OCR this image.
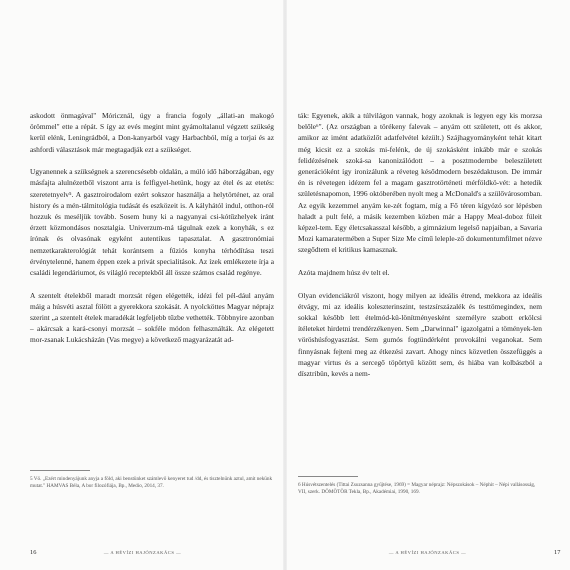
askodott önmagával" Móricznál, úgy a francia fogoly „állati-an makogó örömmel" ette a répát. S így az evés megint mint gyámoltalanul végzett szükség kerül elénk, Leningrádból, a Don-kanyarból vagy Harbachból, míg a torjai és az ashfordi választások már megtagadják ezt a szükséget.

Ugyanennek a szükségnek a szerencsésebb oldalán, a múló idő háborzágában, egy másfajta alulnézetből viszont arra is felfigyel-hetünk, hogy az étel és az etetés: szeretetnyelv⁵. A gasztroirodalom ezért sokszor használja a helytörténet, az oral history és a mén-tálmitológia tudását és eszközeit is. A kályhától indul, otthon-ról hozzuk és meséljük tovább. Sosem huny ki a nagyanyai csi-kótűzhelyek iránt érzett közmondásos nosztalgia. Univerzum-má tágulnak ezek a konyhák, s ez írónak és olvasónak egyként autentikus tapasztalat. A gasztronómiai nemzetkarakterológiát tehát korántsem a fűziós konyha térhódítása teszi érvénytelenné, hanem éppen ezek a privát specialitások. Az ízek emlékezete írja a családi legendáriumot, és világló receptekből áll össze számos család regénye.

A szentelt ételekből maradt morzsát régen elégették, idézi fel pél-dául anyám máig a húsvéti asztal fölött a gyerekkora szokását. A nyolcköttes Magyar néprajz szerint „a szentelt ételek maradékát legfeljebb tűzbe vethették. Többnyire azonban – akárcsak a kará-csonyi morzsát – sokféle módon felhasználták. Az elégetett mor-zsanak Lukácsházán (Vas megye) a következő magyarázatát ad-

5 Vö. „Ezért mindenyájunk anyja a föld, aki benstünket számlevő kenyeret tud /dd, és tisztelnünk aztul, amit nekünk mutat." HAMVAS Béla, A bor filozófiája, Bp., Medio, 2014, 37.
16	— A HÉVÍZI HAJÓNZAKÁCS —

ták: Egyenek, akik a túlvilágon vannak, hogy azoknak is legyen egy kis morzsa belőle⁶". (Az országban a törékeny falevak – anyám ott született, ott és akkor, amikor az imént adatközlőt adatfelvétel kézült.) Szájhagyományként tehát kitart még kicsit ez a szokás mi-felénk, de új szokásként inkább már e szokás felidézésének szoká-sa kanonizálódott – a posztmodernbe beleszületett generációként így ironizálunk a réveteg késődmodern beszédaktuson. De immár én is révetegen idézem fel a magam gasztrotörténeti mérföldkö-vét: a hetedik születésnapomon, 1996 októberében nyolt meg a McDonald's a szülővárosomban. Az egyik kezemmel anyám ke-zét fogtam, míg a Fő téren kígyózó sor lépésben haladt a pult felé, a másik kezemben közben már a Happy Meal-doboz füleit képzel-tem. Egy életcsakasszal később, a gimnázium legelső napjaiban, a Savaria Mozi kamaratermében a Super Size Me című leleple-ző dokumentumfilmet nézve szegődtem el kritikus kamasznak.

Azóta majdnem húsz év telt el.

Olyan evidenciákról viszont, hogy milyen az ideális étrend, mekkora az ideális étvágy, mi az ideális koleszterinszint, testzsírszázalék és testtömegindex, nem sokkal később lett ételmód-kü-lönítményesként személyre szabott erkölcsi ítéleteket hirdetni trendérzékenyen. Sem „Darwinnal" igazolgatni a tömények-len vöröshúsfogyasztást. Sem gumós fogtündérként provokálni veganokat. Sem finnyásnak fejteni meg az étkezési zavart. Ahogy nincs közvetlen összefüggés a magyar virtus és a sercegő töpörtyű között sem, és hiába van kolbászból a dísztribün, kevés a nem-

6 Húsvétszentelés (Tittai Zsuzsanna gyűjtése, 1969) = Magyar néprajz: Népszokások – Néphit – Népi vallásosság, VII, szerk. DÖMÖTÖR Tekla, Bp., Akadémiai, 1990, 169.
— A HÉVÍZI HAJÓNZAKÁCS —	17
